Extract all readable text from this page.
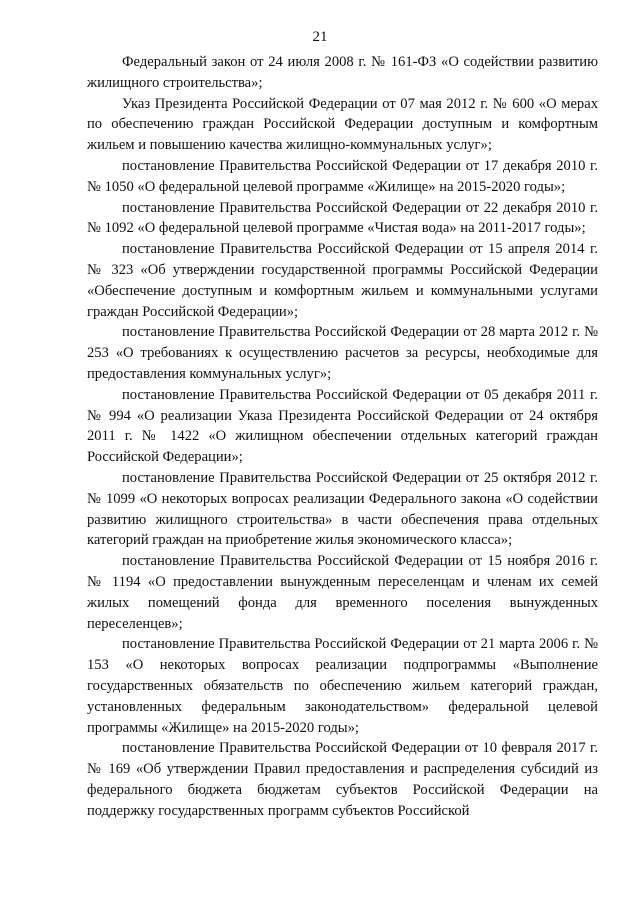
21

Федеральный закон от 24 июля 2008 г. № 161-ФЗ «О содействии развитию жилищного строительства»;

Указ Президента Российской Федерации от 07 мая 2012 г. № 600 «О мерах по обеспечению граждан Российской Федерации доступным и комфортным жильем и повышению качества жилищно-коммунальных услуг»;

постановление Правительства Российской Федерации от 17 декабря 2010 г. № 1050 «О федеральной целевой программе «Жилище» на 2015-2020 годы»;

постановление Правительства Российской Федерации от 22 декабря 2010 г. № 1092 «О федеральной целевой программе «Чистая вода» на 2011-2017 годы»;

постановление Правительства Российской Федерации от 15 апреля 2014 г. № 323 «Об утверждении государственной программы Российской Федерации «Обеспечение доступным и комфортным жильем и коммунальными услугами граждан Российской Федерации»;

постановление Правительства Российской Федерации от 28 марта 2012 г. № 253 «О требованиях к осуществлению расчетов за ресурсы, необходимые для предоставления коммунальных услуг»;

постановление Правительства Российской Федерации от 05 декабря 2011 г. № 994 «О реализации Указа Президента Российской Федерации от 24 октября 2011 г. № 1422 «О жилищном обеспечении отдельных категорий граждан Российской Федерации»;

постановление Правительства Российской Федерации от 25 октября 2012 г. № 1099 «О некоторых вопросах реализации Федерального закона «О содействии развитию жилищного строительства» в части обеспечения права отдельных категорий граждан на приобретение жилья экономического класса»;

постановление Правительства Российской Федерации от 15 ноября 2016 г. № 1194 «О предоставлении вынужденным переселенцам и членам их семей жилых помещений фонда для временного поселения вынужденных переселенцев»;

постановление Правительства Российской Федерации от 21 марта 2006 г. № 153 «О некоторых вопросах реализации подпрограммы «Выполнение государственных обязательств по обеспечению жильем категорий граждан, установленных федеральным законодательством» федеральной целевой программы «Жилище» на 2015-2020 годы»;

постановление Правительства Российской Федерации от 10 февраля 2017 г. № 169 «Об утверждении Правил предоставления и распределения субсидий из федерального бюджета бюджетам субъектов Российской Федерации на поддержку государственных программ субъектов Российской
